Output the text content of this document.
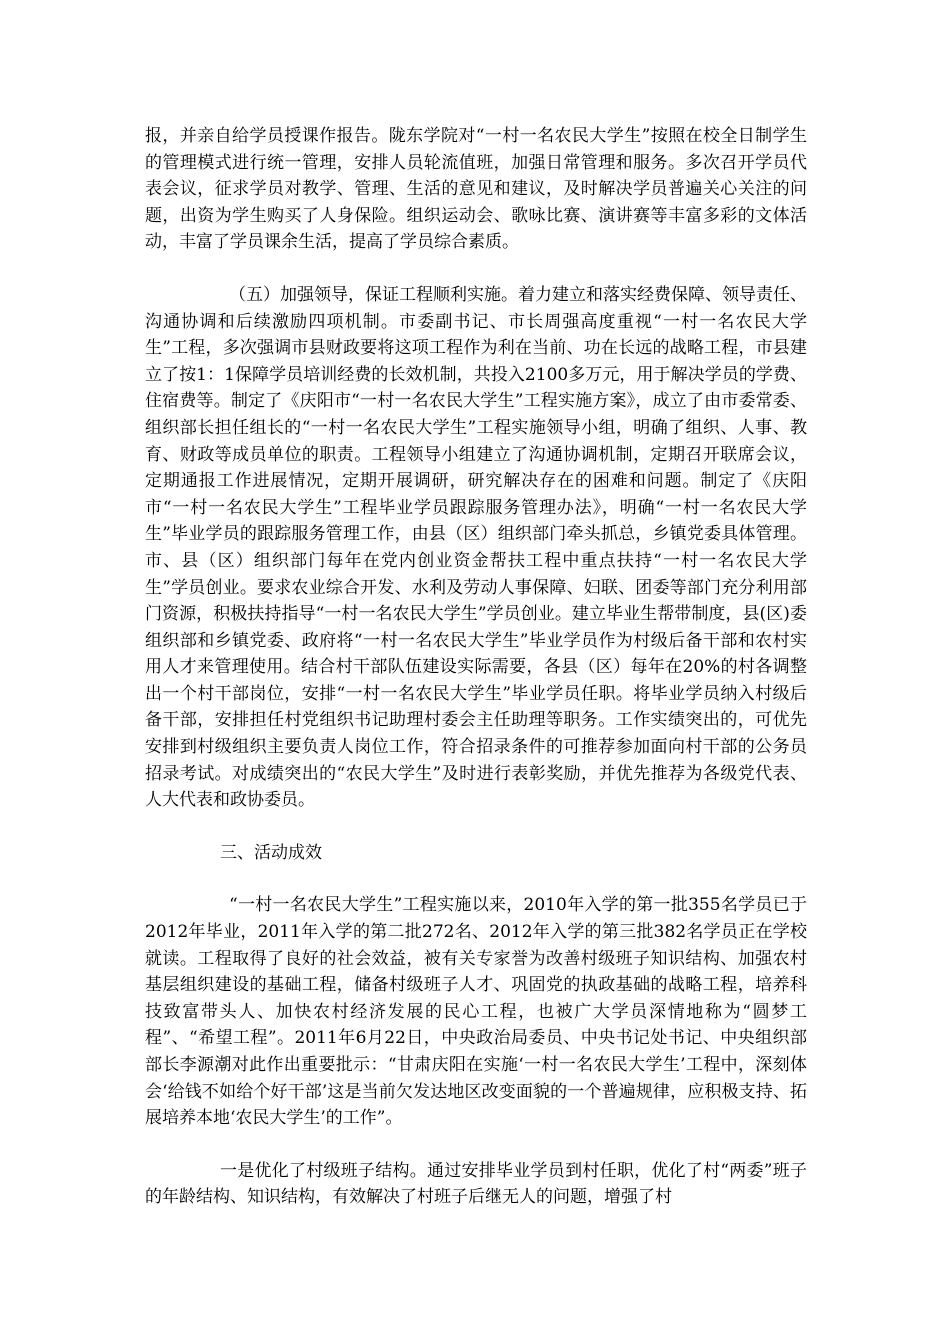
报，并亲自给学员授课作报告。陇东学院对“一村一名农民大学生”按照在校全日制学生的管理模式进行统一管理，安排人员轮流值班，加强日常管理和服务。多次召开学员代表会议，征求学员对教学、管理、生活的意见和建议，及时解决学员普遍关心关注的问题，出资为学生购买了人身保险。组织运动会、歌咏比赛、演讲赛等丰富多彩的文体活动，丰富了学员课余生活，提高了学员综合素质。

（五）加强领导，保证工程顺利实施。着力建立和落实经费保障、领导责任、沟通协调和后续激励四项机制。市委副书记、市长周强高度重视“一村一名农民大学生”工程，多次强调市县财政要将这项工程作为利在当前、功在长远的战略工程，市县建立了按1：1保障学员培训经费的长效机制，共投入2100多万元，用于解决学员的学费、住宿费等。制定了《庆阳市“一村一名农民大学生”工程实施方案》，成立了由市委常委、组织部长担任组长的“一村一名农民大学生”工程实施领导小组，明确了组织、人事、教育、财政等成员单位的职责。工程领导小组建立了沟通协调机制，定期召开联席会议，定期通报工作进展情况，定期开展调研，研究解决存在的困难和问题。制定了《庆阳市“一村一名农民大学生”工程毕业学员跟踪服务管理办法》，明确“一村一名农民大学生”毕业学员的跟踪服务管理工作，由县（区）组织部门牵头抓总，乡镇党委具体管理。市、县（区）组织部门每年在党内创业资金帮扶工程中重点扶持“一村一名农民大学生”学员创业。要求农业综合开发、水利及劳动人事保障、妇联、团委等部门充分利用部门资源，积极扶持指导“一村一名农民大学生”学员创业。建立毕业生帮带制度，县(区)委组织部和乡镇党委、政府将“一村一名农民大学生”毕业学员作为村级后备干部和农村实用人才来管理使用。结合村干部队伍建设实际需要，各县（区）每年在20%的村各调整出一个村干部岗位，安排“一村一名农民大学生”毕业学员任职。将毕业学员纳入村级后备干部，安排担任村党组织书记助理村委会主任助理等职务。工作实绩突出的，可优先安排到村级组织主要负责人岗位工作，符合招录条件的可推荐参加面向村干部的公务员招录考试。对成绩突出的“农民大学生”及时进行表彰奖励，并优先推荐为各级党代表、人大代表和政协委员。

三、活动成效

“一村一名农民大学生”工程实施以来，2010年入学的第一批355名学员已于2012年毕业，2011年入学的第二批272名、2012年入学的第三批382名学员正在学校就读。工程取得了良好的社会效益，被有关专家誉为改善村级班子知识结构、加强农村基层组织建设的基础工程，储备村级班子人才、巩固党的执政基础的战略工程，培养科技致富带头人、加快农村经济发展的民心工程，也被广大学员深情地称为“圆梦工程”、“希望工程”。2011年6月22日，中央政治局委员、中央书记处书记、中央组织部部长李源潮对此作出重要批示：“甘肃庆阳在实施‘一村一名农民大学生’工程中，深刻体会‘给钱不如给个好干部’这是当前欠发达地区改变面貌的一个普遍规律，应积极支持、拓展培养本地‘农民大学生’的工作”。

一是优化了村级班子结构。通过安排毕业学员到村任职，优化了村“两委”班子的年龄结构、知识结构，有效解决了村班子后继无人的问题，增强了村
